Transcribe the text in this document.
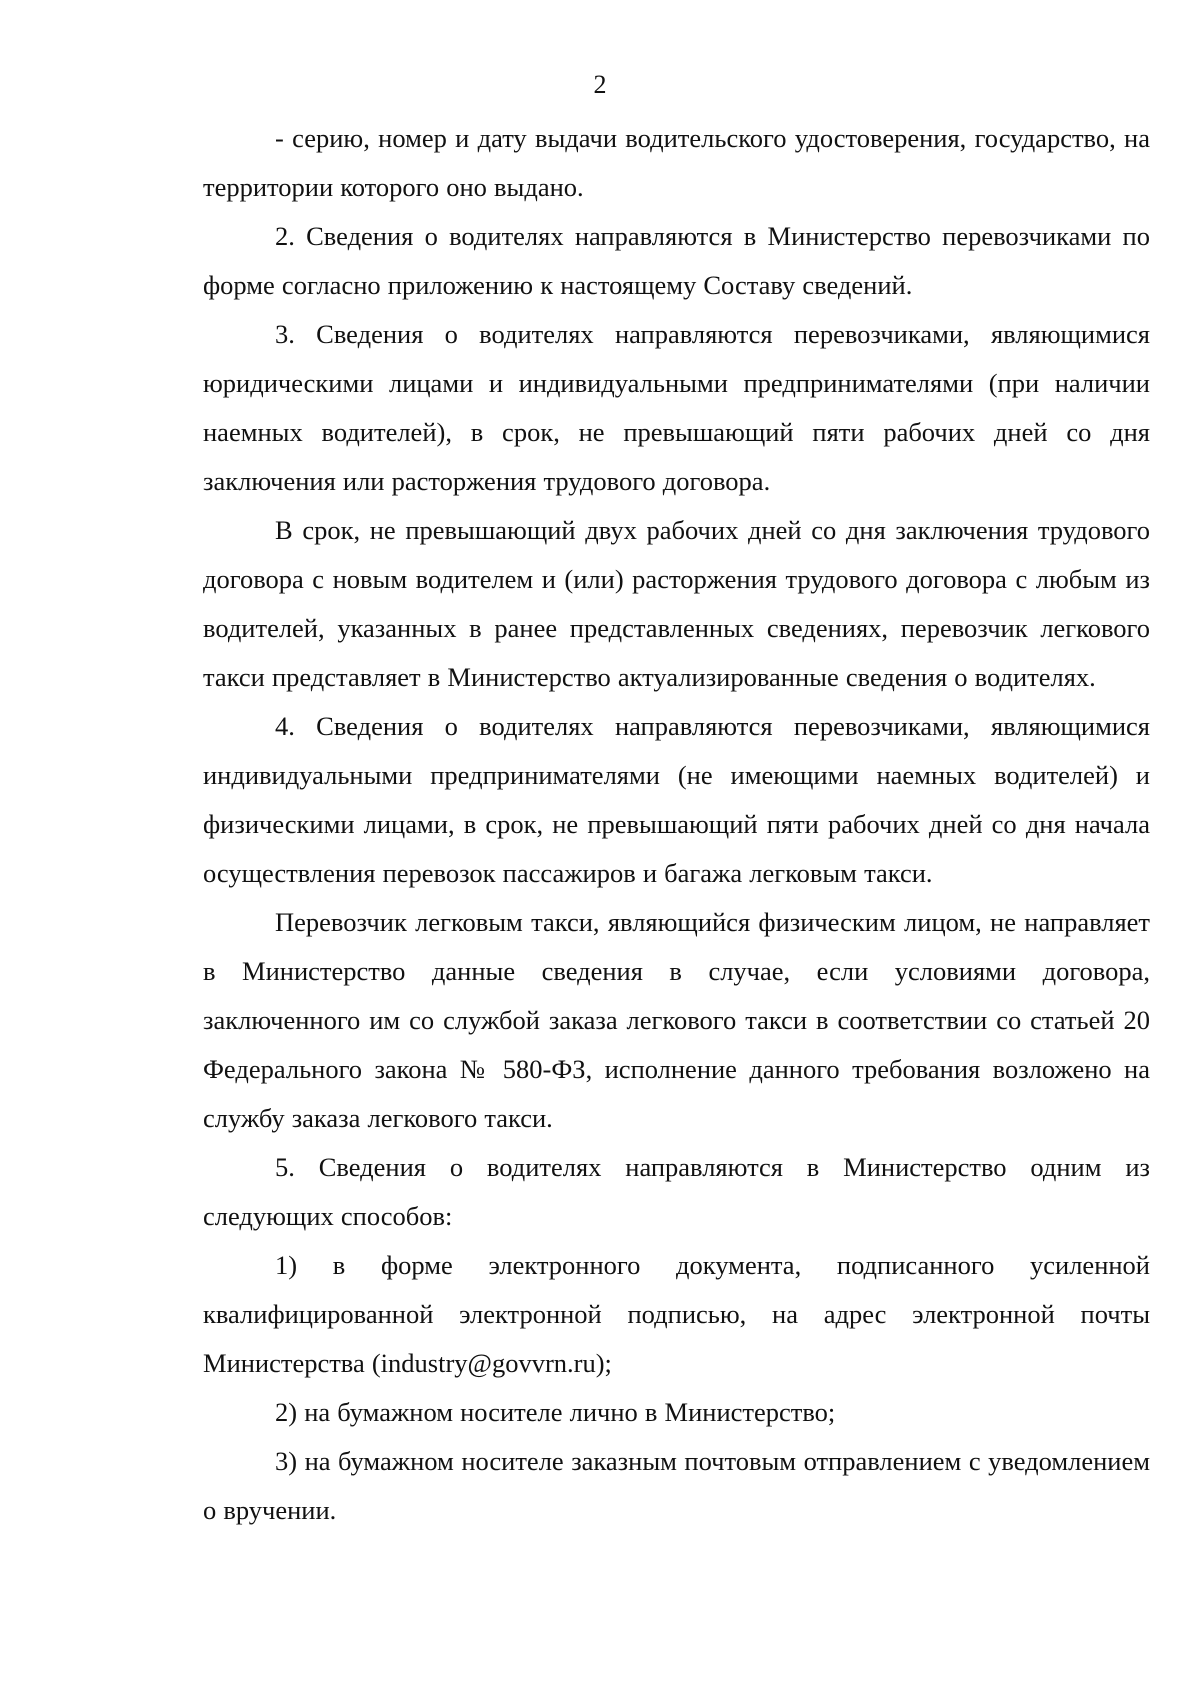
2

- серию, номер и дату выдачи водительского удостоверения, государство, на территории которого оно выдано.

2. Сведения о водителях направляются в Министерство перевозчиками по форме согласно приложению к настоящему Составу сведений.

3. Сведения о водителях направляются перевозчиками, являющимися юридическими лицами и индивидуальными предпринимателями (при наличии наемных водителей), в срок, не превышающий пяти рабочих дней со дня заключения или расторжения трудового договора.

В срок, не превышающий двух рабочих дней со дня заключения трудового договора с новым водителем и (или) расторжения трудового договора с любым из водителей, указанных в ранее представленных сведениях, перевозчик легкового такси представляет в Министерство актуализированные сведения о водителях.

4. Сведения о водителях направляются перевозчиками, являющимися индивидуальными предпринимателями (не имеющими наемных водителей) и физическими лицами, в срок, не превышающий пяти рабочих дней со дня начала осуществления перевозок пассажиров и багажа легковым такси.

Перевозчик легковым такси, являющийся физическим лицом, не направляет в Министерство данные сведения в случае, если условиями договора, заключенного им со службой заказа легкового такси в соответствии со статьей 20 Федерального закона № 580-ФЗ, исполнение данного требования возложено на службу заказа легкового такси.

5. Сведения о водителях направляются в Министерство одним из следующих способов:

1) в форме электронного документа, подписанного усиленной квалифицированной электронной подписью, на адрес электронной почты Министерства (industry@govvrn.ru);

2) на бумажном носителе лично в Министерство;

3) на бумажном носителе заказным почтовым отправлением с уведомлением о вручении.
